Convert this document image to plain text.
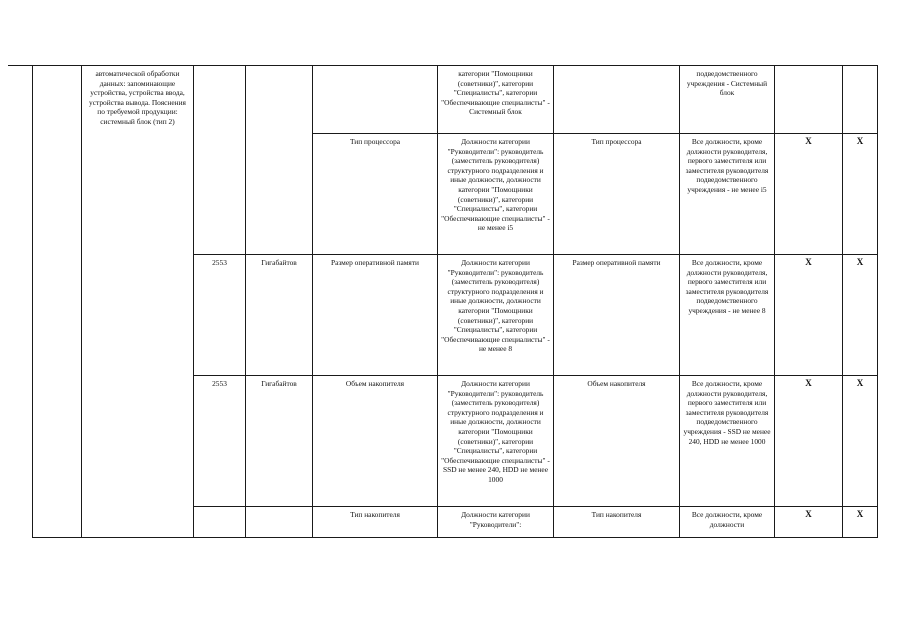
	автоматической обработки данных: запоминающие устройства, устройства ввода, устройства вывода. Пояснения по требуемой продукции: системный блок (тип 2)				категории "Помощники (советники)", категории "Специалисты", категории "Обеспечивающие специалисты" - Системный блок		подведомственного учреждения - Системный блок		
				Тип процессора	Должности категории "Руководители": руководитель (заместитель руководителя) структурного подразделения и иные должности, должности категории "Помощники (советники)", категории "Специалисты", категории "Обеспечивающие специалисты" - не менее i5	Тип процессора	Все должности, кроме должности руководителя, первого заместителя или заместителя руководителя подведомственного учреждения - не менее i5	X	X
		2553	Гигабайтов	Размер оперативной памяти	Должности категории "Руководители": руководитель (заместитель руководителя) структурного подразделения и иные должности, должности категории "Помощники (советники)", категории "Специалисты", категории "Обеспечивающие специалисты" - не менее 8	Размер оперативной памяти	Все должности, кроме должности руководителя, первого заместителя или заместителя руководителя подведомственного учреждения - не менее 8	X	X
		2553	Гигабайтов	Объем накопителя	Должности категории "Руководители": руководитель (заместитель руководителя) структурного подразделения и иные должности, должности категории "Помощники (советники)", категории "Специалисты", категории "Обеспечивающие специалисты" - SSD не менее 240, HDD не менее 1000	Объем накопителя	Все должности, кроме должности руководителя, первого заместителя или заместителя руководителя подведомственного учреждения - SSD не менее 240, HDD не менее 1000	X	X
				Тип накопителя	Должности категории "Руководители":	Тип накопителя	Все должности, кроме должности	X	X
